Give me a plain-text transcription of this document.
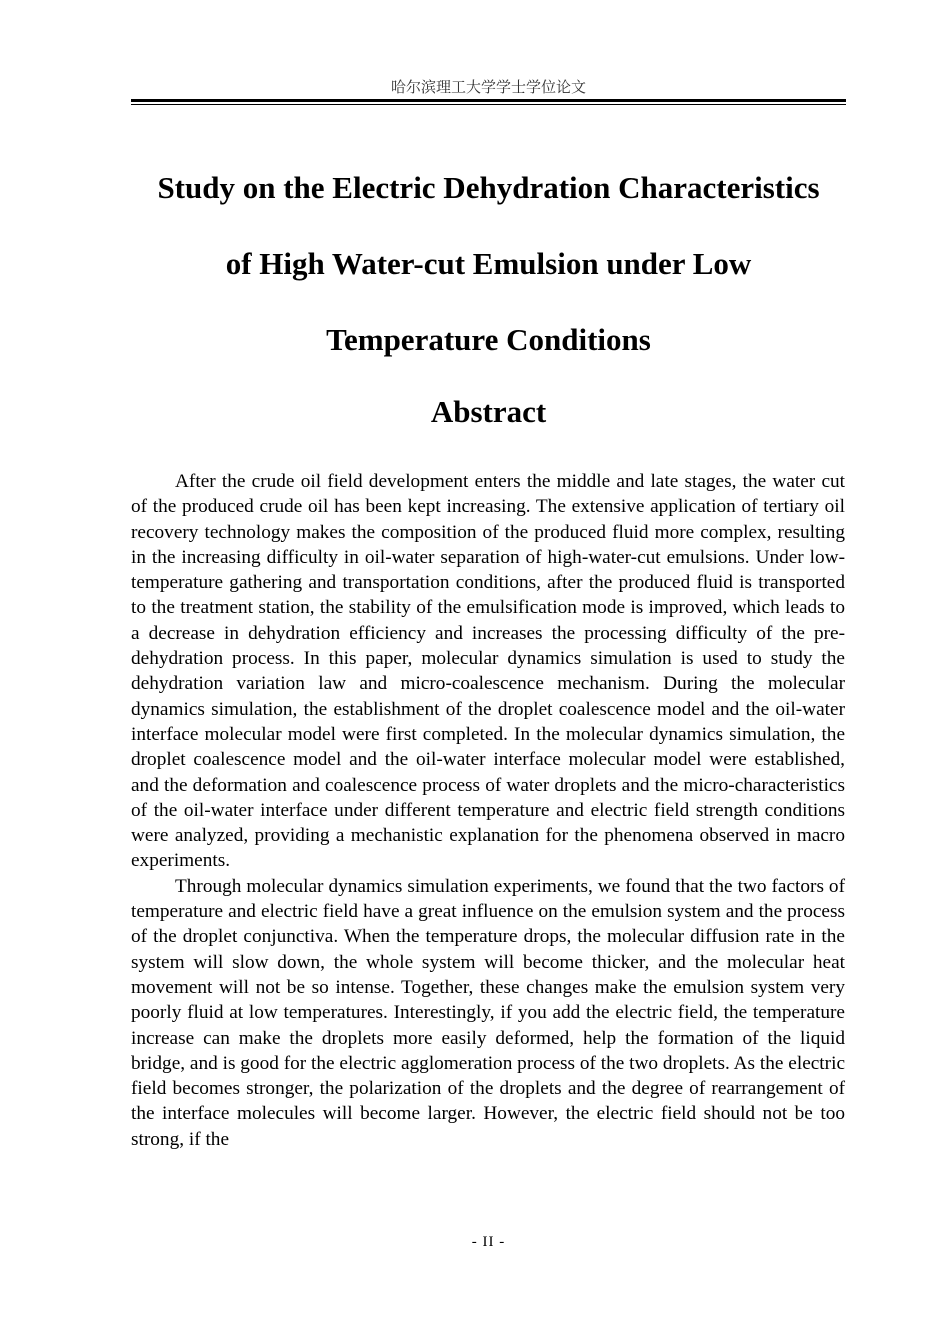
哈尔滨理工大学学士学位论文
Study on the Electric Dehydration Characteristics
of High Water-cut Emulsion under Low
Temperature Conditions
Abstract

After the crude oil field development enters the middle and late stages, the water cut of the produced crude oil has been kept increasing. The extensive application of tertiary oil recovery technology makes the composition of the produced fluid more complex, resulting in the increasing difficulty in oil-water separation of high-water-cut emulsions. Under low-temperature gathering and transportation conditions, after the produced fluid is transported to the treatment station, the stability of the emulsification mode is improved, which leads to a decrease in dehydration efficiency and increases the processing difficulty of the pre-dehydration process. In this paper, molecular dynamics simulation is used to study the dehydration variation law and micro-coalescence mechanism. During the molecular dynamics simulation, the establishment of the droplet coalescence model and the oil-water interface molecular model were first completed. In the molecular dynamics simulation, the droplet coalescence model and the oil-water interface molecular model were established, and the deformation and coalescence process of water droplets and the micro-characteristics of the oil-water interface under different temperature and electric field strength conditions were analyzed, providing a mechanistic explanation for the phenomena observed in macro experiments.

Through molecular dynamics simulation experiments, we found that the two factors of temperature and electric field have a great influence on the emulsion system and the process of the droplet conjunctiva. When the temperature drops, the molecular diffusion rate in the system will slow down, the whole system will become thicker, and the molecular heat movement will not be so intense. Together, these changes make the emulsion system very poorly fluid at low temperatures. Interestingly, if you add the electric field, the temperature increase can make the droplets more easily deformed, help the formation of the liquid bridge, and is good for the electric agglomeration process of the two droplets. As the electric field becomes stronger, the polarization of the droplets and the degree of rearrangement of the interface molecules will become larger. However, the electric field should not be too strong, if the

- II -
